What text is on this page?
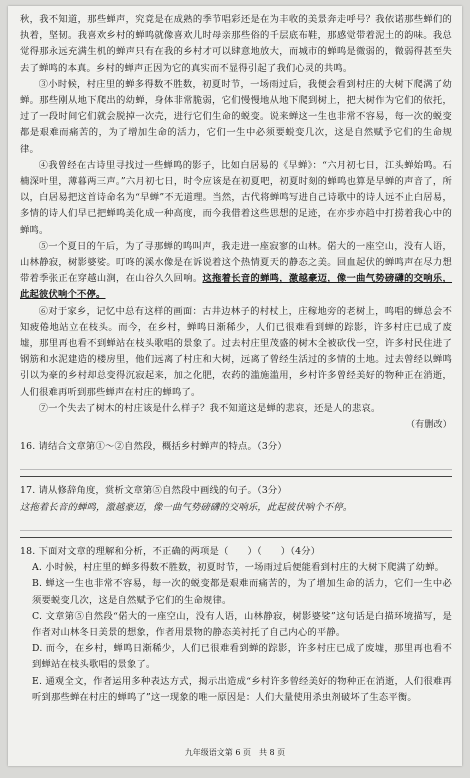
秋，我不知道，那些蝉声，究竟是在成熟的季节唱彩还是在为丰收的美景奔走呼号？我依诺那些蝉们的执着，坚韧。我喜欢乡村的蝉鸣就像喜欢儿时母亲那些俗的千层底布鞋，那感觉带着泥土的韵味。我总觉得那永远充满生机的蝉声只有在我的乡村才可以肆意地放大，而城市的蝉鸣是微弱的，微弱得甚至失去了蝉鸣的本真。乡村的蝉声正因为它的真实而不显得引起了我们心灵的共鸣。

③小时候，村庄里的蝉多得数不胜数，初夏时节，一场雨过后，我便会看到村庄的大树下爬满了幼蝉。那些刚从地下爬出的幼蝉，身体非常脆弱，它们慢慢地从地下爬到树上，把大树作为它们的依托，过了一段时间它们就会脱掉一次壳，进行它们生命的蜕变。说来蝉这一生也非常不容易，每一次的蜕变都是艰难而痛苦的，为了增加生命的活力，它们一生中必须要蜕变几次，这是自然赋予它们的生命规律。

④我曾经在古诗里寻找过一些蝉鸣的影子，比如白居易的《早蝉》：“六月初七日，江头蝉始鸣。石楠深叶里，薄暮两三声。”六月初七日，时令应该是在初夏吧，初夏时刻的蝉鸣也算是早蝉的声音了，所以，白居易把这首诗命名为“早蝉”不无道理。当然，古代将蝉鸣写进自己诗歌中的诗人远不止白居易，多情的诗人们早已把蝉鸣美化成一种高度，而今我借着这些思想的足迹，在亦步亦趋中打捞着我心中的蝉鸣。

⑤一个夏日的午后，为了寻那蝉的鸣叫声，我走进一座寂寥的山林。偌大的一座空山，没有人语，山林静寂，树影婆娑。叮咚的溪水像是在诉说着这个热情夏天的静态之美。回血起伏的蝉鸣声在尽力想带着季张正在穿越山涧，在山谷久久回响。这拖着长音的蝉鸣，激越豪迈，像一曲气势磅礴的交响乐，此起彼伏响个不停。

⑥对于家乡，记忆中总有这样的画面：古井边林子的村杖上，庄稼地旁的老树上，鸣唱的蝉总会不知疲倦地站立在枝头。而今，在乡村，蝉鸣日渐稀少，人们已很难看到蝉的踪影，许多村庄已成了废墟，那里再也看不到蝉站在枝头歌唱的景象了。过去村庄里茂盛的树木全被砍伐一空，许多村民住进了钢筋和水泥建造的楼房里，他们远离了村庄和大树，远离了曾经生活过的多情的土地。过去曾经以蝉鸣引以为豪的乡村却总变得沉寂起来，加之化肥，农药的滥施滥用，乡村许多曾经美好的物种正在消逝，人们很难再听到那些蝉声在村庄的蝉鸣了。

⑦一个失去了树木的村庄该是什么样子？我不知道这是蝉的悲哀，还是人的悲哀。

（有删改）

16. 请结合文章第①～②自然段，概括乡村蝉声的特点。（3分）

17. 请从修辞角度，赏析文章第⑤自然段中画线的句子。（3分）

这拖着长音的蝉鸣，激越豪迈，像一曲气势磅礴的交响乐，此起彼伏响个不停。

18. 下面对文章的理解和分析，不正确的两项是（　　）（　　）（4分）

A. 小时候，村庄里的蝉多得数不胜数，初夏时节，一场雨过后便能看到村庄的大树下爬满了幼蝉。

B. 蝉这一生也非常不容易，每一次的蜕变都是艰难而痛苦的，为了增加生命的活力，它们一生中必须要蜕变几次，这是自然赋予它们的生命规律。

C. 文章第⑤自然段“偌大的一座空山，没有人语，山林静寂，树影婆娑”这句话是白描环境描写，是作者对山林冬日美景的想象，作者用景物的静态美衬托了自己内心的平静。

D. 而今，在乡村，蝉鸣日渐稀少，人们已很难看到蝉的踪影，许多村庄已成了废墟，那里再也看不到蝉站在枝头歌唱的景象了。

E. 通观全文，作者运用多种表达方式，揭示出造成“乡村许多曾经美好的物种正在消逝，人们很难再听到那些蝉在村庄的蝉鸣了”这一现象的唯一原因是：人们大量使用杀虫剂破坏了生态平衡。

九年级语文第 6 页　共 8 页
